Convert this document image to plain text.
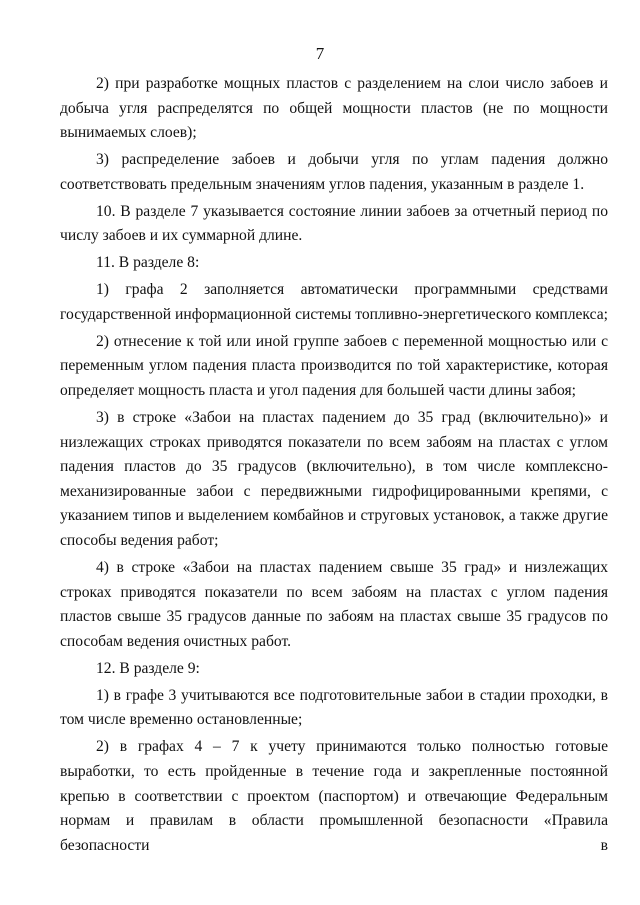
7

2) при разработке мощных пластов с разделением на слои число забоев и добыча угля распределятся по общей мощности пластов (не по мощности вынимаемых слоев);

3) распределение забоев и добычи угля по углам падения должно соответствовать предельным значениям углов падения, указанным в разделе 1.

10. В разделе 7 указывается состояние линии забоев за отчетный период по числу забоев и их суммарной длине.

11. В разделе 8:

1) графа 2 заполняется автоматически программными средствами государственной информационной системы топливно-энергетического комплекса;

2) отнесение к той или иной группе забоев с переменной мощностью или с переменным углом падения пласта производится по той характеристике, которая определяет мощность пласта и угол падения для большей части длины забоя;

3) в строке «Забои на пластах падением до 35 град (включительно)» и низлежащих строках приводятся показатели по всем забоям на пластах с углом падения пластов до 35 градусов (включительно), в том числе комплексно-механизированные забои с передвижными гидрофицированными крепями, с указанием типов и выделением комбайнов и струговых установок, а также другие способы ведения работ;

4) в строке «Забои на пластах падением свыше 35 град» и низлежащих строках приводятся показатели по всем забоям на пластах с углом падения пластов свыше 35 градусов данные по забоям на пластах свыше 35 градусов по способам ведения очистных работ.

12. В разделе 9:

1) в графе 3 учитываются все подготовительные забои в стадии проходки, в том числе временно остановленные;

2) в графах 4 – 7 к учету принимаются только полностью готовые выработки, то есть пройденные в течение года и закрепленные постоянной крепью в соответствии с проектом (паспортом) и отвечающие Федеральным нормам и правилам в области промышленной безопасности «Правила безопасности в
